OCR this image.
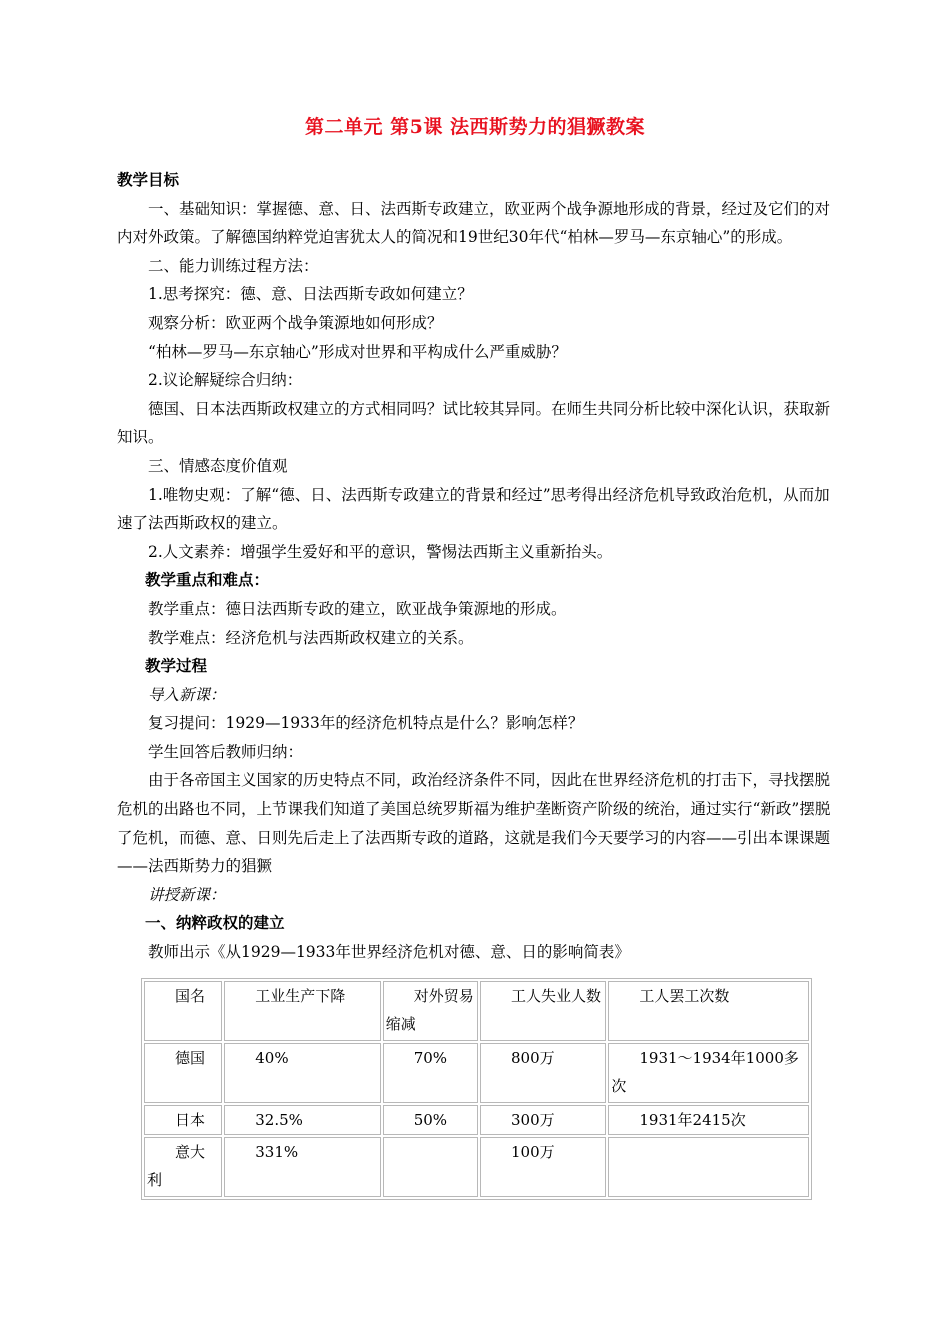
第二单元 第5课 法西斯势力的猖獗教案

教学目标

一、基础知识：掌握德、意、日、法西斯专政建立，欧亚两个战争源地形成的背景，经过及它们的对内对外政策。了解德国纳粹党迫害犹太人的简况和19世纪30年代“柏林—罗马—东京轴心”的形成。

二、能力训练过程方法：

1.思考探究：德、意、日法西斯专政如何建立？

观察分析：欧亚两个战争策源地如何形成？

“柏林—罗马—东京轴心”形成对世界和平构成什么严重威胁？

2.议论解疑综合归纳：

德国、日本法西斯政权建立的方式相同吗？试比较其异同。在师生共同分析比较中深化认识，获取新知识。

三、情感态度价值观

1.唯物史观：了解“德、日、法西斯专政建立的背景和经过”思考得出经济危机导致政治危机，从而加速了法西斯政权的建立。

2.人文素养：增强学生爱好和平的意识，警惕法西斯主义重新抬头。

教学重点和难点：

教学重点：德日法西斯专政的建立，欧亚战争策源地的形成。

教学难点：经济危机与法西斯政权建立的关系。

教学过程

导入新课：

复习提问：1929—1933年的经济危机特点是什么？影响怎样？

学生回答后教师归纳：

由于各帝国主义国家的历史特点不同，政治经济条件不同，因此在世界经济危机的打击下，寻找摆脱危机的出路也不同，上节课我们知道了美国总统罗斯福为维护垄断资产阶级的统治，通过实行“新政”摆脱了危机，而德、意、日则先后走上了法西斯专政的道路，这就是我们今天要学习的内容——引出本课课题——法西斯势力的猖獗

讲授新课：

一、纳粹政权的建立

教师出示《从1929—1933年世界经济危机对德、意、日的影响简表》

国名	工业生产下降	对外贸易缩减	工人失业人数	工人罢工次数
德国	40%	70%	800万	1931～1934年1000多次
日本	32.5%	50%	300万	1931年2415次
意大利	331%		100万	
